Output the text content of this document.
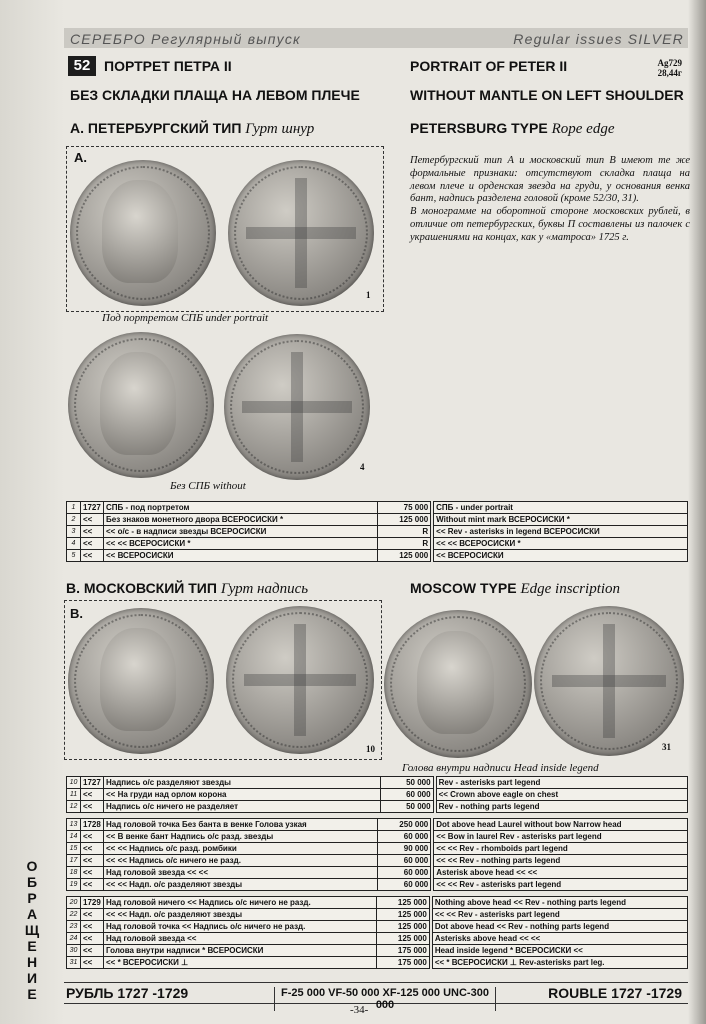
СЕРЕБРО Регулярный выпуск	Regular issues SILVER
52 ПОРТРЕТ ПЕТРА II	PORTRAIT OF PETER II	Ag729
28,44г
БЕЗ СКЛАДКИ ПЛАЩА НА ЛЕВОМ ПЛЕЧЕ	WITHOUT MANTLE ON LEFT SHOULDER
А. ПЕТЕРБУРГСКИЙ ТИП Гурт шнур	PETERSBURG TYPE Rope edge
А.
1
Под портретом СПБ under portrait
4
Без СПБ without

Петербургский тип А и московский тип В имеют те же формальные признаки: отсутствуют складка плаща на левом плече и орденская звезда на груди, у основания венка бант, надпись разделена головой (кроме 52/30, 31).

В монограмме на оборотной стороне московских рублей, в отличие от петербургских, буквы П составлены из палочек с украшениями на концах, как у «матроса» 1725 г.

1	1727	СПБ - под портретом	75 000		СПБ - under portrait
2	<<	Без знаков монетного двора ВСЕРОСИСКИ *	125 000		Without mint mark ВСЕРОСИСКИ *
3	<<	<< о/с - в надписи звезды ВСЕРОСИСКИ	R		<< Rev - asterisks in legend ВСЕРОСИСКИ
4	<<	<< << ВСЕРОСИСКИ *	R		<< << ВСЕРОСИСКИ *
5	<<	<< ВСЕРОСИСКИ	125 000		<< ВСЕРОСИСКИ
В. МОСКОВСКИЙ ТИП Гурт надпись	MOSCOW TYPE Edge inscription
В.
10	31
Голова внутри надписи Head inside legend
10	1727	Надпись о/с разделяют звезды	50 000		Rev - asterisks part legend
11	<<	<< На груди над орлом корона	60 000		<< Crown above eagle on chest
12	<<	Надпись о/с ничего не разделяет	50 000		Rev - nothing parts legend
13	1728	Над головой точка Без банта в венке Голова узкая	250 000		Dot above head Laurel without bow Narrow head
14	<<	<< В венке бант Надпись о/с разд. звезды	60 000		<< Bow in laurel Rev - asterisks part legend
15	<<	<< << Надпись о/с разд. ромбики	90 000		<< << Rev - rhomboids part legend
17	<<	<< << Надпись о/с ничего не разд.	60 000		<< << Rev - nothing parts legend
18	<<	Над головой звезда << <<	60 000		Asterisk above head << <<
19	<<	<< << Надп. о/с разделяют звезды	60 000		<< << Rev - asterisks part legend
20	1729	Над головой ничего << Надпись о/с ничего не разд.	125 000		Nothing above head << Rev - nothing parts legend
22	<<	<< << Надп. о/с разделяют звезды	125 000		<< << Rev - asterisks part legend
23	<<	Над головой точка << Надпись о/с ничего не разд.	125 000		Dot above head << Rev - nothing parts legend
24	<<	Над головой звезда <<	125 000		Asterisks above head << <<
30	<<	Голова внутри надписи * ВСЕРОСИСКИ	175 000		Head inside legend * ВСЕРОСИСКИ <<
31	<<	<< * ВСЕРОСИСКИ ⊥	175 000		<< * ВСЕРОСИСКИ ⊥ Rev-asterisks part leg.
О
Б
Р
А
Щ
Е
Н
И
Е	РУБЛЬ 1727 -1729	F-25 000 VF-50 000 XF-125 000 UNC-300 000
ROUBLE 1727 -1729
-34-
